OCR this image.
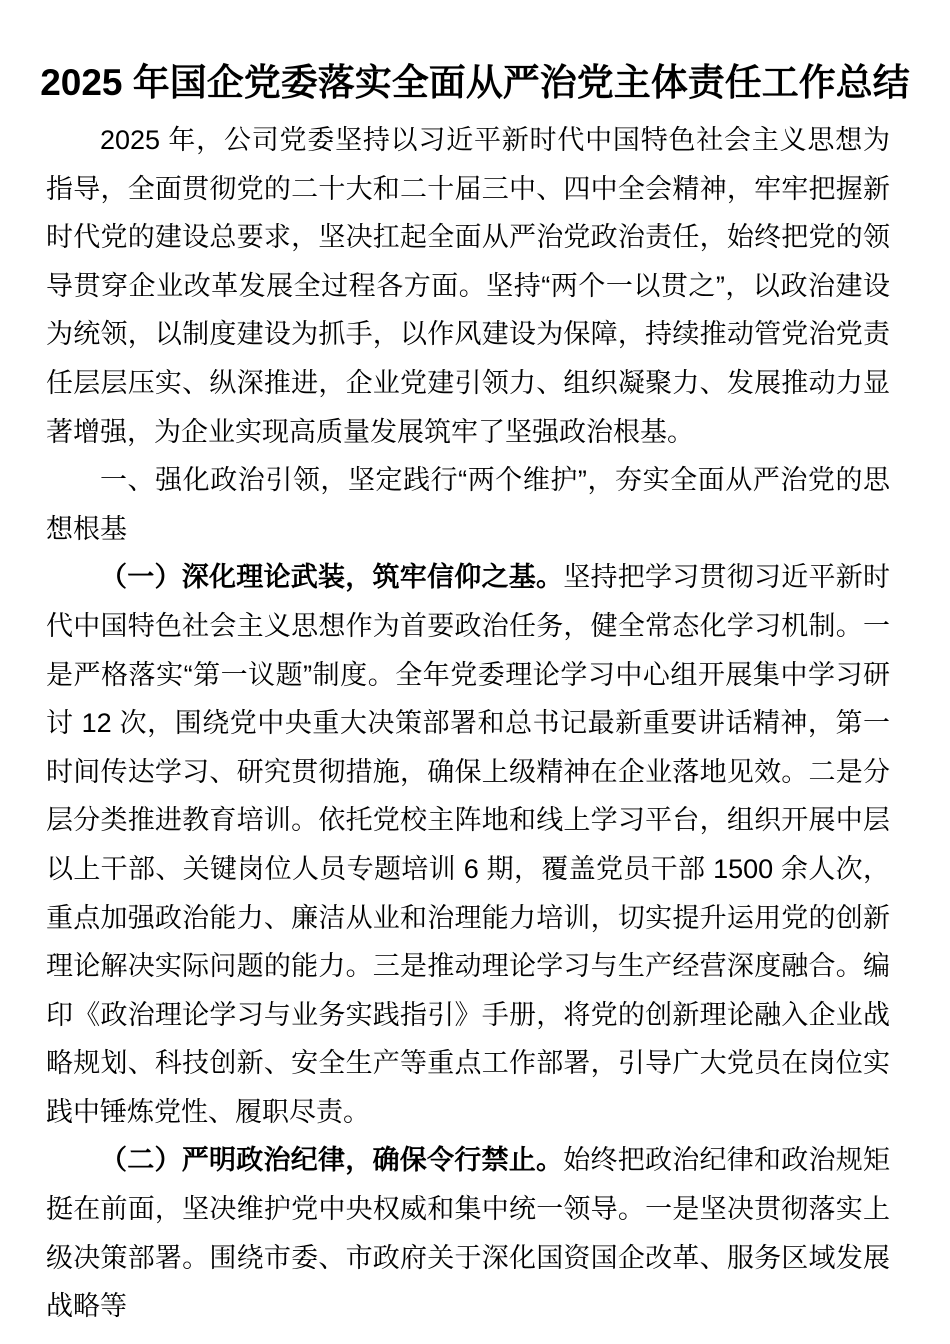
2025 年国企党委落实全面从严治党主体责任工作总结

2025 年，公司党委坚持以习近平新时代中国特色社会主义思想为指导，全面贯彻党的二十大和二十届三中、四中全会精神，牢牢把握新时代党的建设总要求，坚决扛起全面从严治党政治责任，始终把党的领导贯穿企业改革发展全过程各方面。坚持“两个一以贯之”，以政治建设为统领，以制度建设为抓手，以作风建设为保障，持续推动管党治党责任层层压实、纵深推进，企业党建引领力、组织凝聚力、发展推动力显著增强，为企业实现高质量发展筑牢了坚强政治根基。

一、强化政治引领，坚定践行“两个维护”，夯实全面从严治党的思想根基

（一）深化理论武装，筑牢信仰之基。坚持把学习贯彻习近平新时代中国特色社会主义思想作为首要政治任务，健全常态化学习机制。一是严格落实“第一议题”制度。全年党委理论学习中心组开展集中学习研讨 12 次，围绕党中央重大决策部署和总书记最新重要讲话精神，第一时间传达学习、研究贯彻措施，确保上级精神在企业落地见效。二是分层分类推进教育培训。依托党校主阵地和线上学习平台，组织开展中层以上干部、关键岗位人员专题培训 6 期，覆盖党员干部 1500 余人次，重点加强政治能力、廉洁从业和治理能力培训，切实提升运用党的创新理论解决实际问题的能力。三是推动理论学习与生产经营深度融合。编印《政治理论学习与业务实践指引》手册，将党的创新理论融入企业战略规划、科技创新、安全生产等重点工作部署，引导广大党员在岗位实践中锤炼党性、履职尽责。

（二）严明政治纪律，确保令行禁止。始终把政治纪律和政治规矩挺在前面，坚决维护党中央权威和集中统一领导。一是坚决贯彻落实上级决策部署。围绕市委、市政府关于深化国资国企改革、服务区域发展战略等
